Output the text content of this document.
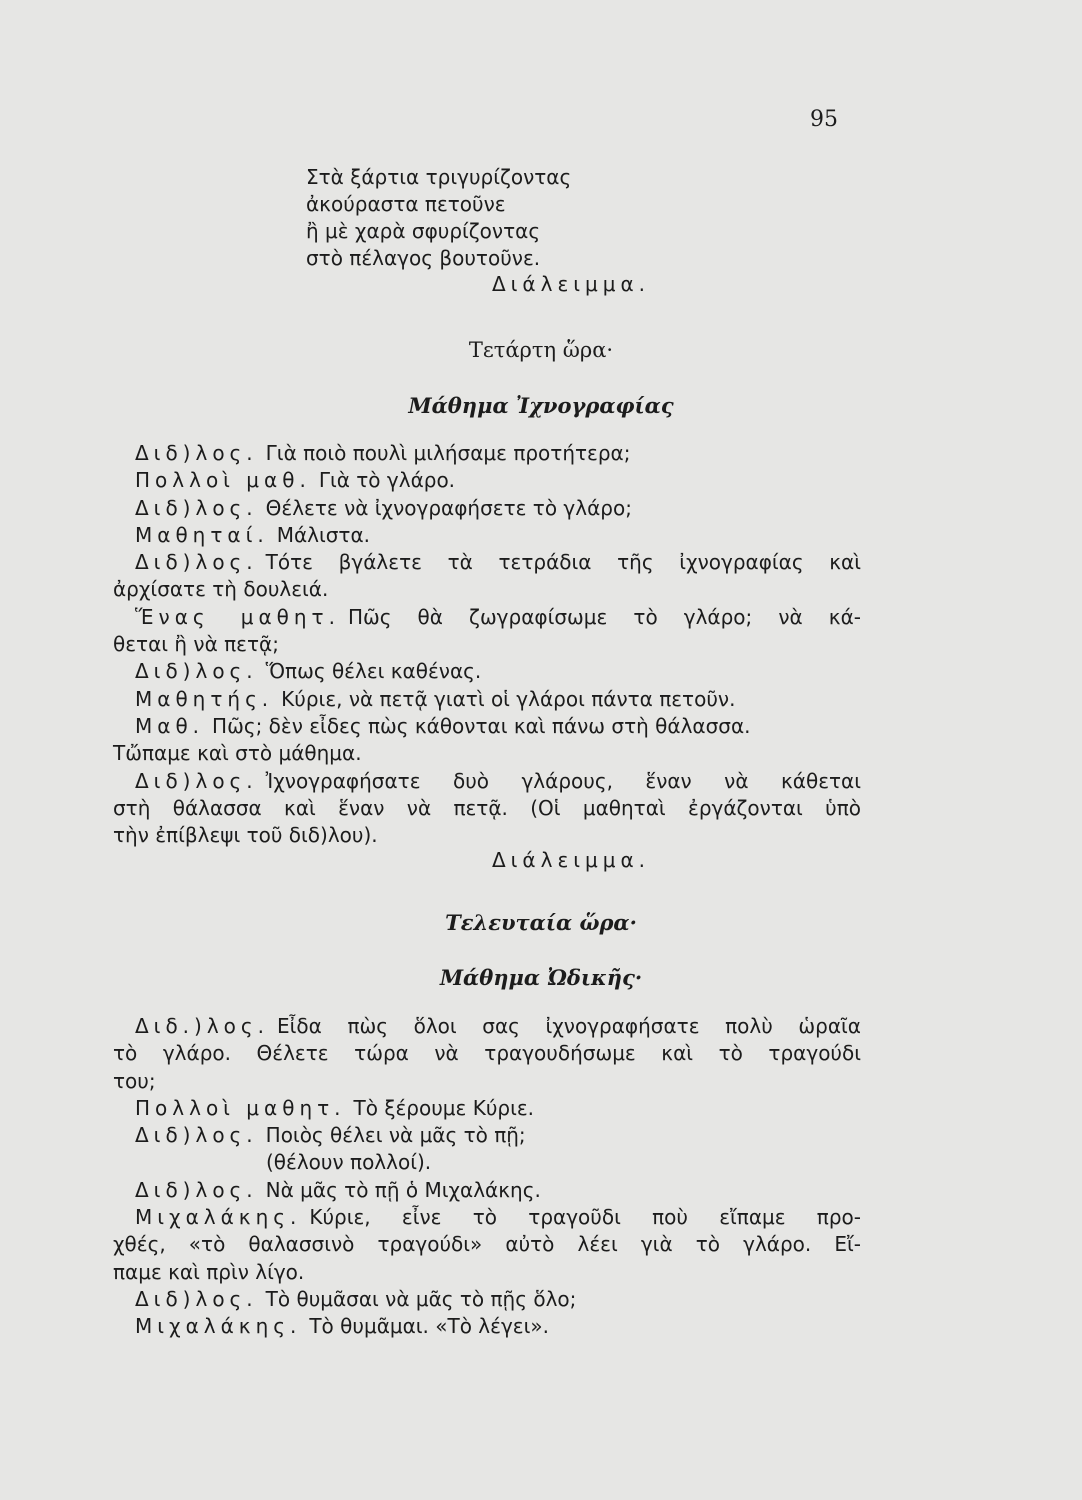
95
Στὰ ξάρτια τριγυρίζοντας
ἀκούραστα πετοῦνε
ἢ μὲ χαρὰ σφυρίζοντας
στὸ πέλαγος βουτοῦνε.
Διάλειμμα.
Τετάρτη ὥρα·
Μάθημα Ἰχνογραφίας
Διδ)λος. Γιὰ ποιὸ πουλὶ μιλήσαμε προτήτερα;
Πολλοὶ μαθ. Γιὰ τὸ γλάρο.
Διδ)λος. Θέλετε νὰ ἰχνογραφήσετε τὸ γλάρο;
Μαθηταί. Μάλιστα.
Διδ)λος. Τότε βγάλετε τὰ τετράδια τῆς ἰχνογραφίας καὶ
ἀρχίσατε τὴ δουλειά.
Ἕνας μαθητ. Πῶς θὰ ζωγραφίσωμε τὸ γλάρο; νὰ κά-
θεται ἢ νὰ πετᾷ;
Διδ)λος. Ὅπως θέλει καθένας.
Μαθητής. Κύριε, νὰ πετᾷ γιατὶ οἱ γλάροι πάντα πετοῦν.
Μαθ. Πῶς; δὲν εἶδες πὼς κάθονται καὶ πάνω στὴ θάλασσα.
Τὤπαμε καὶ στὸ μάθημα.
Διδ)λος. Ἰχνογραφήσατε δυὸ γλάρους, ἕναν νὰ κάθεται
στὴ θάλασσα καὶ ἕναν νὰ πετᾷ. (Οἱ μαθηταὶ ἐργάζονται ὑπὸ
τὴν ἐπίβλεψι τοῦ διδ)λου).
Διάλειμμα.
Τελευταία ὥρα·
Μάθημα Ὠδικῆς·
Διδ.)λος. Εἶδα πὼς ὅλοι σας ἰχνογραφήσατε πολὺ ὡραῖα
τὸ γλάρο. Θέλετε τώρα νὰ τραγουδήσωμε καὶ τὸ τραγούδι
του;
Πολλοὶ μαθητ. Τὸ ξέρουμε Κύριε.
Διδ)λος. Ποιὸς θέλει νὰ μᾶς τὸ πῇ;
(θέλουν πολλοί).
Διδ)λος. Νὰ μᾶς τὸ πῇ ὁ Μιχαλάκης.
Μιχαλάκης. Κύριε, εἶνε τὸ τραγοῦδι ποὺ εἴπαμε προ-
χθές, «τὸ θαλασσινὸ τραγούδι» αὐτὸ λέει γιὰ τὸ γλάρο. Εἴ-
παμε καὶ πρὶν λίγο.
Διδ)λος. Τὸ θυμᾶσαι νὰ μᾶς τὸ πῇς ὅλο;
Μιχαλάκης. Τὸ θυμᾶμαι. «Τὸ λέγει».
